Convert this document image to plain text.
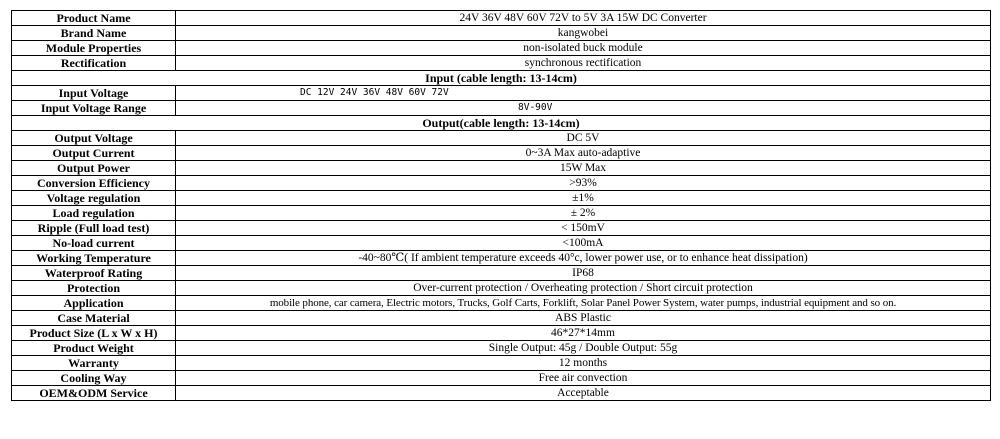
Product Name	24V 36V 48V 60V 72V to 5V 3A 15W DC Converter
Brand Name	kangwobei
Module Properties	non-isolated buck module
Rectification	synchronous rectification
Input (cable length: 13-14cm)	
Input Voltage	DC 12V 24V 36V 48V 60V 72V
Input Voltage Range	8V-90V
Output(cable length: 13-14cm)	
Output Voltage	DC 5V
Output Current	0~3A Max auto-adaptive
Output Power	15W Max
Conversion Efficiency	>93%
Voltage regulation	±1%
Load regulation	± 2%
Ripple (Full load test)	< 150mV
No-load current	<100mA
Working Temperature	-40~80℃( If ambient temperature exceeds 40°c, lower power use, or to enhance heat dissipation)
Waterproof Rating	IP68
Protection	Over-current protection / Overheating protection / Short circuit protection
Application	mobile phone, car camera, Electric motors, Trucks, Golf Carts, Forklift, Solar Panel Power System, water pumps, industrial equipment and so on.
Case Material	ABS Plastic
Product Size (L x W x H)	46*27*14mm
Product Weight	Single Output: 45g / Double Output: 55g
Warranty	12 months
Cooling Way	Free air convection
OEM&ODM Service	Acceptable
